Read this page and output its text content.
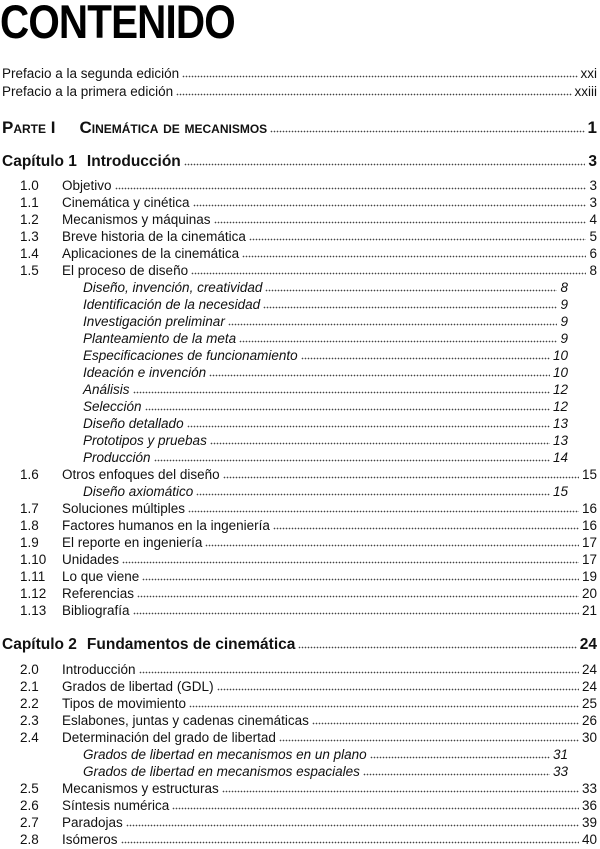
CONTENIDO
Prefacio a la segunda edición	xxi
Prefacio a la primera edición	xxiii
Parte I Cinemática de mecanismos	1
Capítulo 1 Introducción	3
1.0	Objetivo	3
1.1	Cinemática y cinética	3
1.2	Mecanismos y máquinas	4
1.3	Breve historia de la cinemática	5
1.4	Aplicaciones de la cinemática	6
1.5	El proceso de diseño	8
Diseño, invención, creatividad	8
Identificación de la necesidad	9
Investigación preliminar	9
Planteamiento de la meta	9
Especificaciones de funcionamiento	10
Ideación e invención	10
Análisis	12
Selección	12
Diseño detallado	13
Prototipos y pruebas	13
Producción	14
1.6	Otros enfoques del diseño	15
Diseño axiomático	15
1.7	Soluciones múltiples	16
1.8	Factores humanos en la ingeniería	16
1.9	El reporte en ingeniería	17
1.10	Unidades	17
1.11	Lo que viene	19
1.12	Referencias	20
1.13	Bibliografía	21
Capítulo 2 Fundamentos de cinemática	24
2.0	Introducción	24
2.1	Grados de libertad (GDL)	24
2.2	Tipos de movimiento	25
2.3	Eslabones, juntas y cadenas cinemáticas	26
2.4	Determinación del grado de libertad	30
Grados de libertad en mecanismos en un plano	31
Grados de libertad en mecanismos espaciales	33
2.5	Mecanismos y estructuras	33
2.6	Síntesis numérica	36
2.7	Paradojas	39
2.8	Isómeros	40
